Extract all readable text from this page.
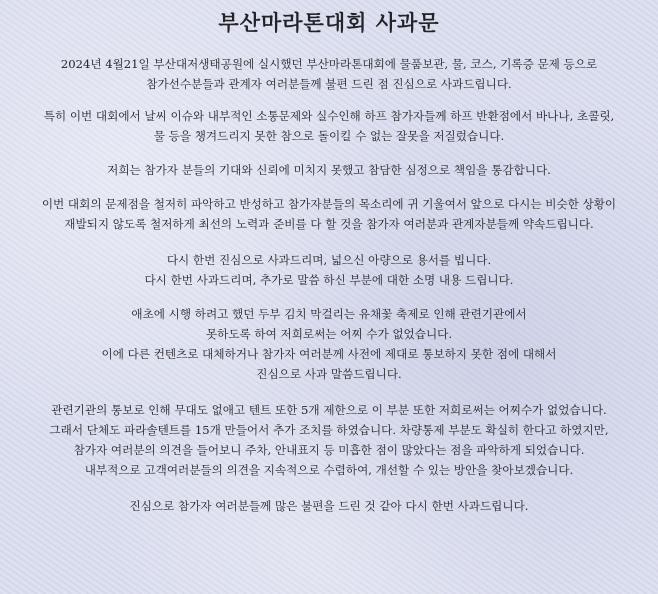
부산마라톤대회 사과문

2024년 4월21일 부산대저생태공원에 실시했던 부산마라톤대회에 물품보관, 물, 코스, 기록증 문제 등으로
참가선수분들과 관계자 여러분들께 불편 드린 점 진심으로 사과드립니다.

특히 이번 대회에서 날씨 이슈와 내부적인 소통문제와 실수인해 하프 참가자들께 하프 반환점에서 바나나, 초콜릿,
물 등을 챙겨드리지 못한 참으로 돌이킬 수 없는 잘못을 저질렀습니다.

저희는 참가자 분들의 기대와 신뢰에 미치지 못했고 참담한 심정으로 책임을 통감합니다.

이번 대회의 문제점을 철저히 파악하고 반성하고 참가자분들의 목소리에 귀 기울여서 앞으로 다시는 비슷한 상황이
재발되지 않도록 철저하게 최선의 노력과 준비를 다 할 것을 참가자 여러분과 관계자분들께 약속드립니다.

다시 한번 진심으로 사과드리며, 넓으신 아량으로 용서를 빕니다.
다시 한번 사과드리며, 추가로 말씀 하신 부분에 대한 소명 내용 드립니다.

애초에 시행 하려고 했던 두부 김치 막걸리는 유채꽃 축제로 인해 관련기관에서
못하도록 하여 저희로써는 어찌 수가 없었습니다.
이에 다른 컨텐츠로 대체하거나 참가자 여러분께 사전에 제대로 통보하지 못한 점에 대해서
진심으로 사과 말씀드립니다.

관련기관의 통보로 인해 무대도 없애고 텐트 또한 5개 제한으로 이 부분 또한 저희로써는 어찌수가 없었습니다.
그래서 단체도 파라솔텐트를 15개 만들어서 추가 조치를 하였습니다. 차량통제 부분도 확실히 한다고 하였지만,
참가자 여러분의 의견을 들어보니 주차, 안내표지 등 미흡한 점이 많았다는 점을 파악하게 되었습니다.
내부적으로 고객여러분들의 의견을 지속적으로 수렴하여, 개선할 수 있는 방안을 찾아보겠습니다.

진심으로 참가자 여러분들께 많은 불편을 드린 것 같아 다시 한번 사과드립니다.
